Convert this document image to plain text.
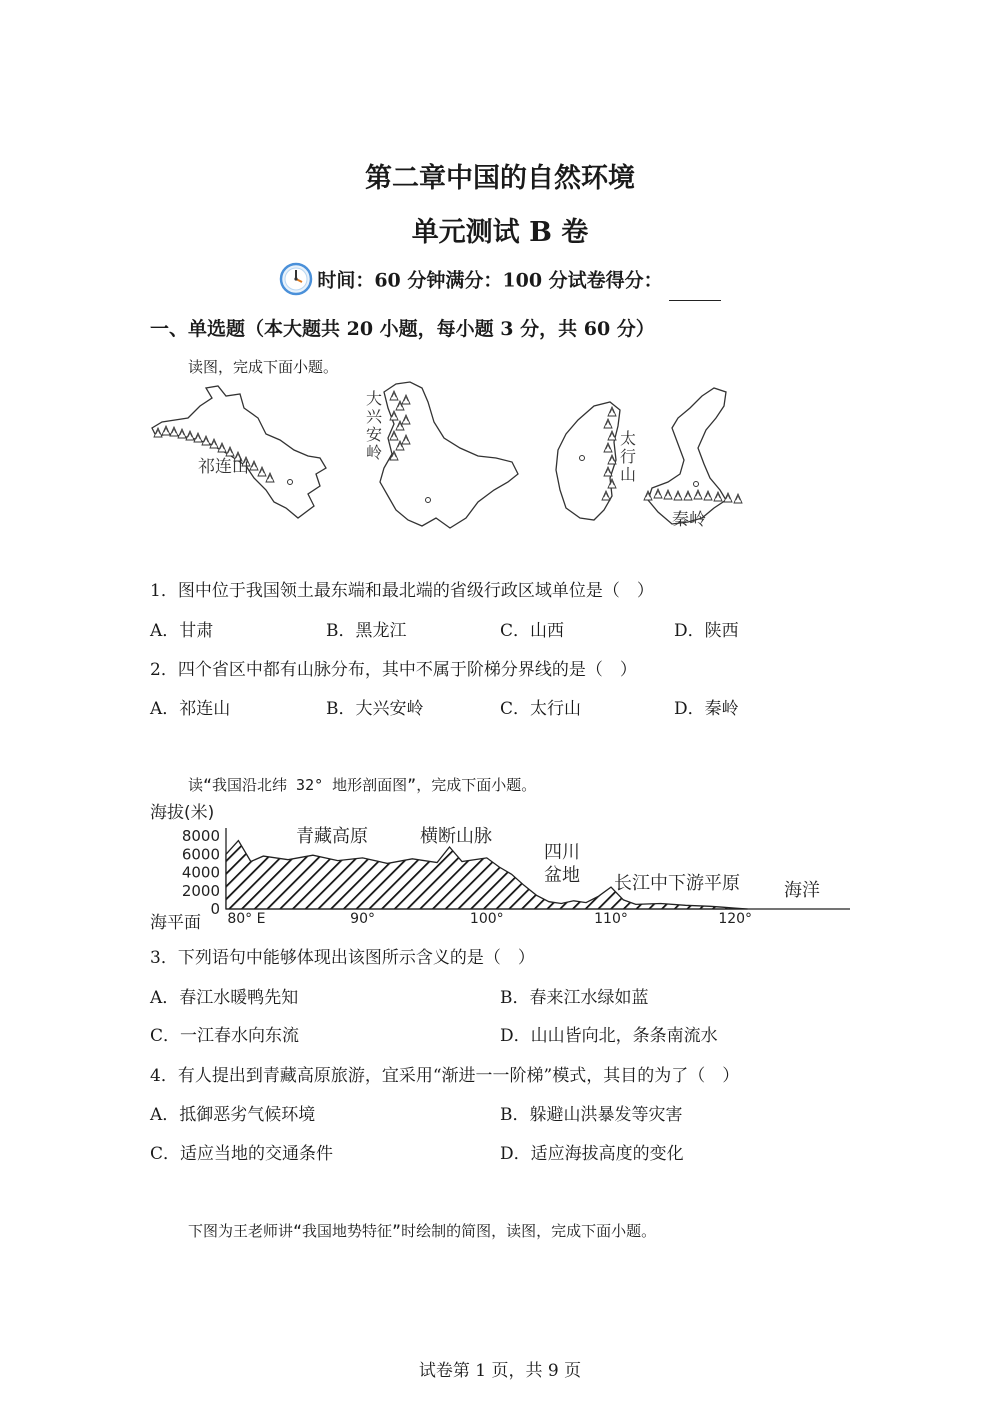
第二章中国的自然环境
单元测试 B 卷
时间：60 分钟满分：100 分试卷得分：
一、单选题（本大题共 20 小题，每小题 3 分，共 60 分）
读图，完成下面小题。
祁连山
大
兴
安
岭
太
行
山
秦岭
1．图中位于我国领土最东端和最北端的省级行政区域单位是（　）
A．甘肃	B．黑龙江	C．山西	D．陕西
2．四个省区中都有山脉分布，其中不属于阶梯分界线的是（　）
A．祁连山	B．大兴安岭	C．太行山	D．秦岭
读“我国沿北纬 32° 地形剖面图”，完成下面小题。
海拔(米)
8000
6000
4000
2000
0
海平面 80° E	90°	100°	110°	120°
青藏高原	横断山脉
四川
盆地 长江中下游平原 海洋
3．下列语句中能够体现出该图所示含义的是（　）
A．春江水暖鸭先知	B．春来江水绿如蓝
C．一江春水向东流	D．山山皆向北，条条南流水
4．有人提出到青藏高原旅游，宜采用“渐进一一阶梯”模式，其目的为了（　）
A．抵御恶劣气候环境	B．躲避山洪暴发等灾害
C．适应当地的交通条件	D．适应海拔高度的变化
下图为王老师讲“我国地势特征”时绘制的简图，读图，完成下面小题。
试卷第 1 页，共 9 页
